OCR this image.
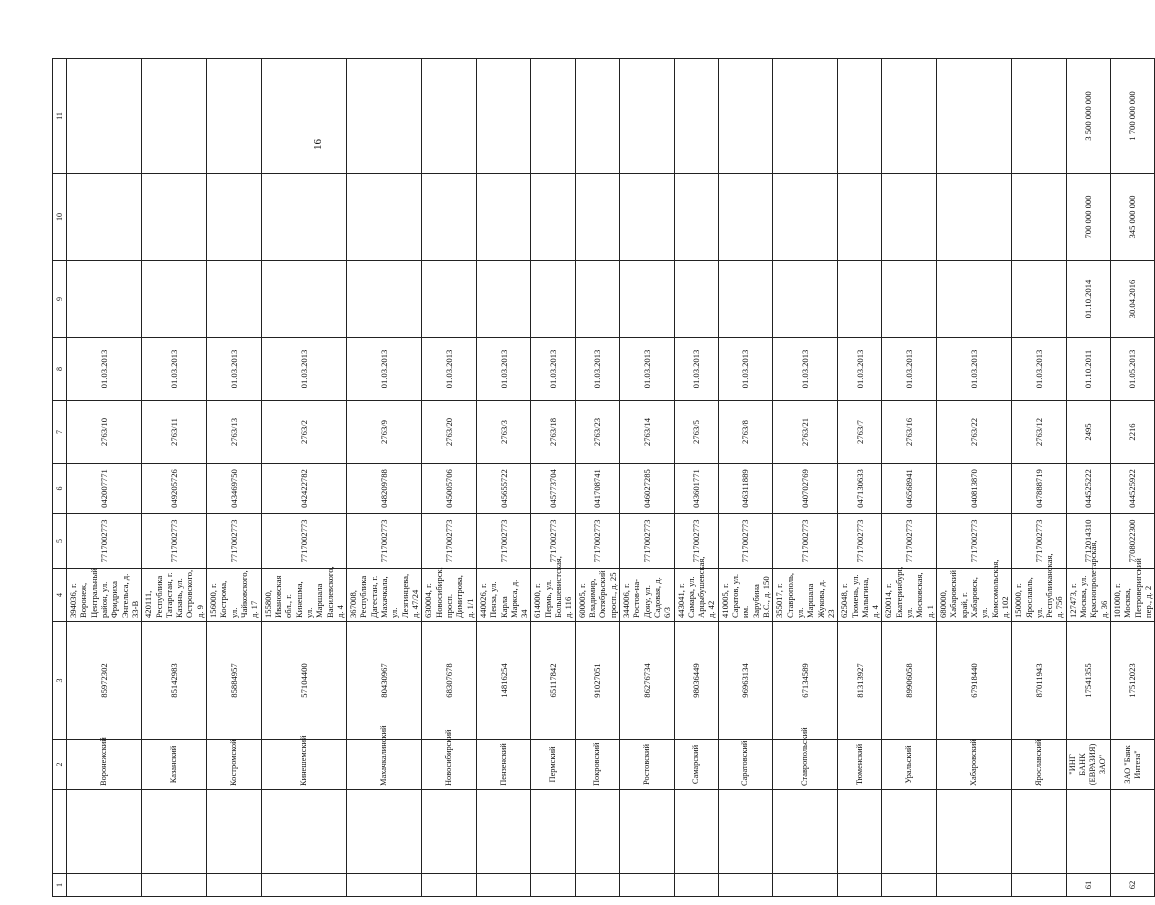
16
1		2	3	4	5	6	7	8	9	10	11
		Воронежский	85972302	394036, г. Воронеж, Центральный район, ул. Фридриха Энгельса, д. 33-В	7717002773	042007771	2763/10	01.03.2013			
		Казанский	85142983	420111, Республика Татарстан, г. Казань, ул. Островского, д. 9	7717002773	049205726	2763/11	01.03.2013			
		Костромской	85884957	156000, г. Кострома, ул. Чайковского, д. 17	7717002773	043469750	2763/13	01.03.2013			
		Кинешемский	57104400	155800, Ивановская обл., г. Кинешма, ул. Маршала Василевского, д. 4	7717002773	042422782	2763/2	01.03.2013			
		Махачкалинский	80430967	367008, Республика Дагестан, г. Махачкала, ул. Лезгинцева, д. 47/24	7717002773	048209788	2763/9	01.03.2013			
		Новосибирский	68307678	630004, г. Новосибирск, просп. Димитрова, д. 1/1	7717002773	045005706	2763/20	01.03.2013			
		Пензенский	14816254	440026, г. Пенза, ул. Карла Маркса, д. 34	7717002773	045655722	2763/3	01.03.2013			
		Пермский	65117842	614000, г. Пермь, ул. Большевистская, д. 116	7717002773	045773704	2763/18	01.03.2013			
		Покровский	91027051	600005, г. Владимир, Октябрьский просп., д. 25	7717002773	041708741	2763/23	01.03.2013			
		Ростовский	86276734	344006, г. Ростов-на-Дону, ул. Садовая, д. 6/3	7717002773	046027285	2763/14	01.03.2013			
		Самарский	98036449	443041, г. Самара, ул. Арцыбушевская, д. 42	7717002773	043601771	2763/5	01.03.2013			
		Саратовский	96963134	410005, г. Саратов, ул. им. Зарубина В.С., д. 150	7717002773	046311889	2763/8	01.03.2013			
		Ставропольский	67134589	355017, г. Ставрополь, ул. Маршала Жукова, д. 23	7717002773	040702769	2763/21	01.03.2013			
		Тюменский	81313927	625048, г. Тюмень, ул. Малыгина, д. 4	7717002773	047130633	2763/7	01.03.2013			
		Уральский	89906058	620014, г. Екатеринбург, ул. Московская, д. 1	7717002773	046568941	2763/16	01.03.2013			
		Хабаровский	67918440	680000, Хабаровский край, г. Хабаровск, ул. Комсомольская, д. 102	7717002773	040813870	2763/22	01.03.2013			
		Ярославский	87011943	150000, г. Ярославль, ул. Республиканская, д. 75б	7717002773	047888719	2763/12	01.03.2013			
61		"ИНГ БАНК (ЕВРАЗИЯ) ЗАО"	17541355	127473, г. Москва, ул. Краснопролетарская, д. 36	7712014310	044525222	2495	01.10.2011	01.10.2014	700 000 000	3 500 000 000
62		ЗАО "Банк Интеза"	17512023	101000, г. Москва, Петроверигский пер., д. 2	7708022300	044525922	2216	01.05.2013	30.04.2016	345 000 000	1 700 000 000
